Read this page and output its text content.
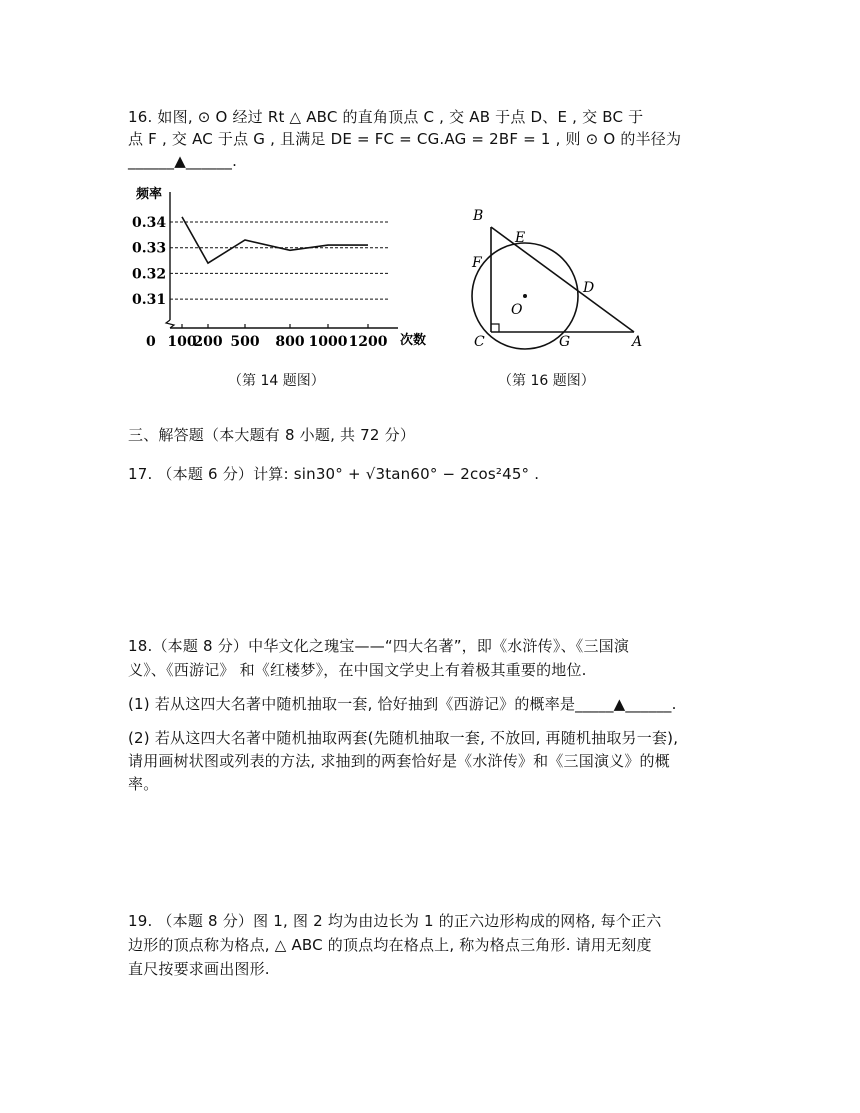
16. 如图, ⊙ O 经过 Rt △ ABC 的直角顶点 C , 交 AB 于点 D、E , 交 BC 于
点 F , 交 AC 于点 G , 且满足 DE = FC = CG.AG = 2BF = 1 , 则 ⊙ O 的半径为
______▲______.
频率
次数
0
0.34
0.33
0.32
0.31
100
200 500 800 1000 1200
（第 14 题图）
B
E
F
D
O
C	G	A
（第 16 题图）
三、解答题（本大题有 8 小题, 共 72 分）
17. （本题 6 分）计算: sin30° + √3tan60° − 2cos²45° .
18.（本题 8 分）中华文化之瑰宝——“四大名著”，即《水浒传》、《三国演
义》、《西游记》 和《红楼梦》，在中国文学史上有着极其重要的地位.
(1) 若从这四大名著中随机抽取一套, 恰好抽到《西游记》的概率是_____▲______.
(2) 若从这四大名著中随机抽取两套(先随机抽取一套, 不放回, 再随机抽取另一套),
请用画树状图或列表的方法, 求抽到的两套恰好是《水浒传》和《三国演义》的概
率。
19. （本题 8 分）图 1, 图 2 均为由边长为 1 的正六边形构成的网格, 每个正六
边形的顶点称为格点, △ ABC 的顶点均在格点上, 称为格点三角形. 请用无刻度
直尺按要求画出图形.
